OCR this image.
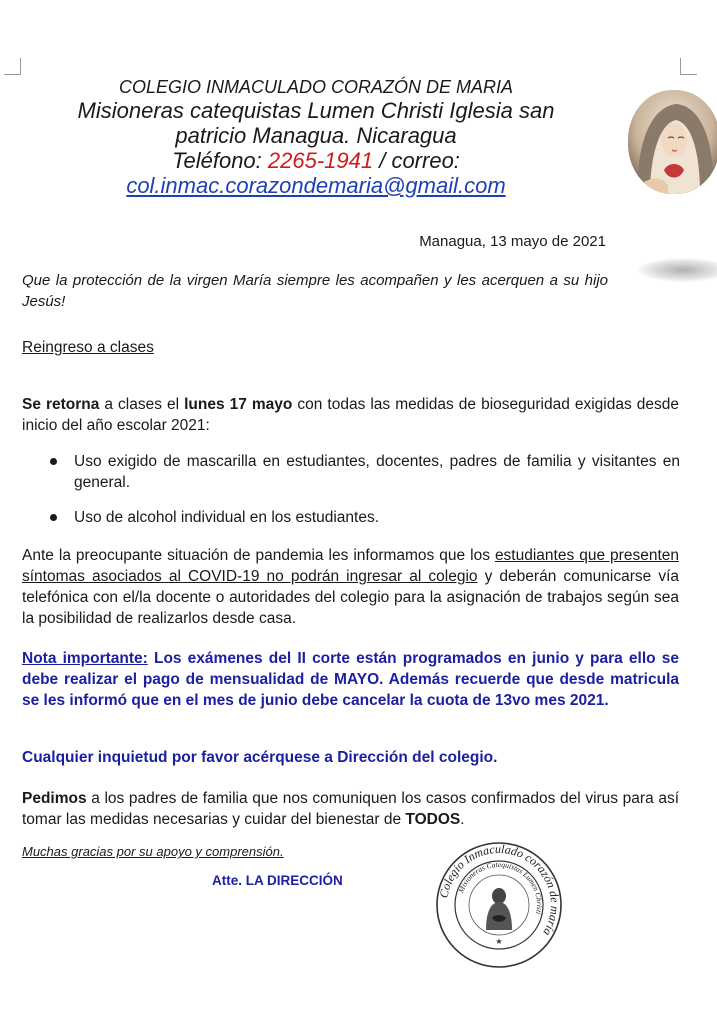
COLEGIO INMACULADO CORAZÓN DE MARIA
Misioneras catequistas Lumen Christi Iglesia san
patricio Managua. Nicaragua
Teléfono: 2265-1941 / correo:
col.inmac.corazondemaria@gmail.com
Managua, 13 mayo de 2021
Que la protección de la virgen María siempre les acompañen y les acerquen a su hijo Jesús!
Reingreso a clases
Se retorna a clases el lunes 17 mayo con todas las medidas de bioseguridad exigidas desde inicio del año escolar 2021:
Uso exigido de mascarilla en estudiantes, docentes, padres de familia y visitantes en general.
Uso de alcohol individual en los estudiantes.
Ante la preocupante situación de pandemia les informamos que los estudiantes que presenten síntomas asociados al COVID-19 no podrán ingresar al colegio y deberán comunicarse vía telefónica con el/la docente o autoridades del colegio para la asignación de trabajos según sea la posibilidad de realizarlos desde casa.
Nota importante: Los exámenes del II corte están programados en junio y para ello se debe realizar el pago de mensualidad de MAYO. Además recuerde que desde matricula se les informó que en el mes de junio debe cancelar la cuota de 13vo mes 2021.
Cualquier inquietud por favor acérquese a Dirección del colegio.
Pedimos a los padres de familia que nos comuniquen los casos confirmados del virus para así tomar las medidas necesarias y cuidar del bienestar de TODOS.
Muchas gracias por su apoyo y comprensión.
Atte. LA DIRECCIÓN
Colegio Inmaculado corazón de maría
Misioneras Catequistas Lumen Christi
★
